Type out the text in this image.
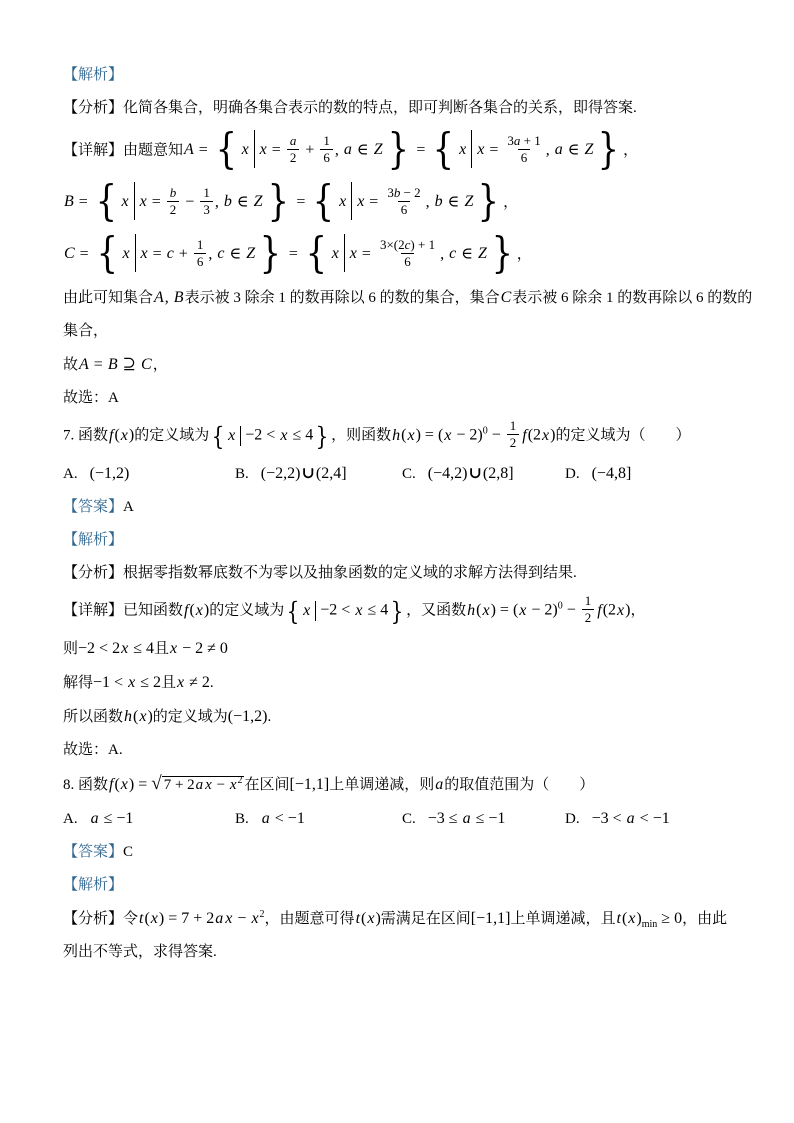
【解析】
【分析】化简各集合，明确各集合表示的数的特点，即可判断各集合的关系，即得答案.
【详解】由题意知A = { x $x = \frac{a}{2} + \frac{1}{6}$ , a ∈ Z } = { x $x = \frac{3a + 1}{6}$ , a ∈ Z } ，
B = { x $x = \frac{b}{2} - \frac{1}{3}$ , b ∈ Z } = { x $x = \frac{3b - 2}{6}$ , b ∈ Z } ，
C = { x $x = c + \frac{1}{6}$ , c ∈ Z } = { x $x = \frac{3\times(2c) + 1}{6}$ , c ∈ Z } ，
由此可知集合A, B表示被 3 除余 1 的数再除以 6 的数的集合，集合C表示被 6 除余 1 的数再除以 6 的数的
集合，
故A = B ⊇ C，
故选：A
7. 函数f(x)的定义域为 { x −2 < x ≤ 4 } ，则函数$h(x) = (x - 2)^0 - \frac{1}{2} f(2x)$的定义域为（　　）
A. (−1,2)	B. (−2,2)∪(2,4]	C. (−4,2)∪(2,8]	D. (−4,8]
【答案】A
【解析】
【分析】根据零指数幂底数不为零以及抽象函数的定义域的求解方法得到结果.
【详解】已知函数f(x)的定义域为 { x −2 < x ≤ 4 } ，又函数$h(x) = (x - 2)^0 - \frac{1}{2} f(2x)$，
则−2 < 2x ≤ 4且x − 2 ≠ 0
解得−1 < x ≤ 2且x ≠ 2.
所以函数h(x)的定义域为(−1,2).
故选：A.
8. 函数f(x) = √ 7 + 2a $x - x^2$ 在区间[−1,1]上单调递减，则a的取值范围为（　　）
A. a ≤ −1	B. a < −1	C. −3 ≤ a ≤ −1	D. −3 < a < −1
【答案】C
【解析】
【分析】令t(x) = 7 + 2a $x - x^2$，由题意可得t(x)需满足在区间[−1,1]上单调递减，且$t(x)_{min} \ge 0$，由此
列出不等式，求得答案.
